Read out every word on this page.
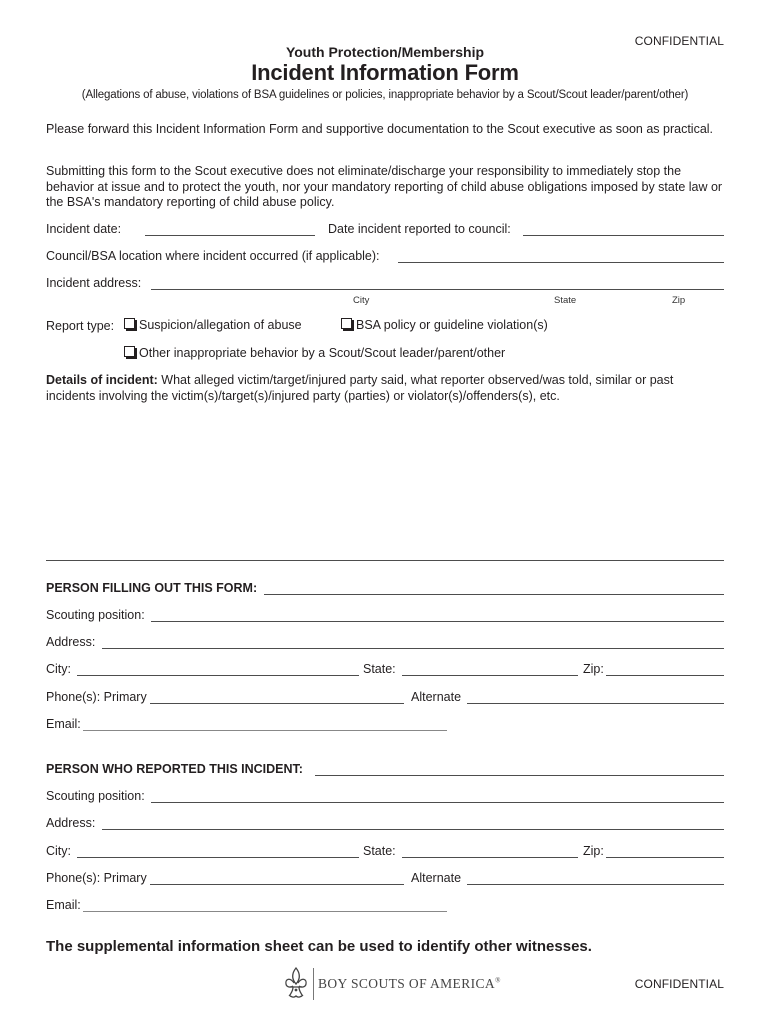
CONFIDENTIAL
Youth Protection/Membership
Incident Information Form
(Allegations of abuse, violations of BSA guidelines or policies, inappropriate behavior by a Scout/Scout leader/parent/other)
Please forward this Incident Information Form and supportive documentation to the Scout executive as soon as practical.
Submitting this form to the Scout executive does not eliminate/discharge your responsibility to immediately stop the behavior at issue and to protect the youth, nor your mandatory reporting of child abuse obligations imposed by state law or the BSA's mandatory reporting of child abuse policy.
Incident date:	Date incident reported to council:
Council/BSA location where incident occurred (if applicable):
Incident address:
City	State	Zip
Report type:	Suspicion/allegation of abuse	BSA policy or guideline violation(s)
Other inappropriate behavior by a Scout/Scout leader/parent/other
Details of incident: What alleged victim/target/injured party said, what reporter observed/was told, similar or past incidents involving the victim(s)/target(s)/injured party (parties) or violator(s)/offenders(s), etc.
PERSON FILLING OUT THIS FORM:
Scouting position:
Address:
City:	State:	Zip:
Phone(s): Primary	Alternate
Email:
PERSON WHO REPORTED THIS INCIDENT:
Scouting position:
Address:
City:	State:	Zip:
Phone(s): Primary	Alternate
Email:
The supplemental information sheet can be used to identify other witnesses.
BOY SCOUTS OF AMERICA®	CONFIDENTIAL
